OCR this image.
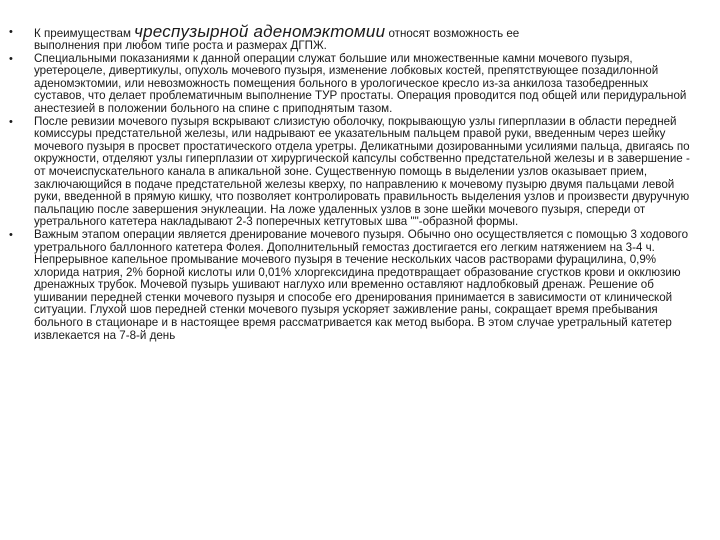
• К преимуществам чреспузырной аденомэктомии относят возможность ее
выполнения при любом типе роста и размерах ДГПЖ.
• Специальными показаниями к данной операции служат большие или множественные камни мочевого пузыря, уретероцеле, дивертикулы, опухоль мочевого пузыря, изменение лобковых костей, препятствующее позадилонной аденомэктомии, или невозможность помещения больного в урологическое кресло из-за анкилоза тазобедренных суставов, что делает проблематичным выполнение ТУР простаты. Операция проводится под общей или перидуральной анестезией в положении больного на спине с приподнятым тазом.
• После ревизии мочевого пузыря вскрывают слизистую оболочку, покрывающую узлы гиперплазии в области передней комиссуры предстательной железы, или надрывают ее указательным пальцем правой руки, введенным через шейку мочевого пузыря в просвет простатического отдела уретры. Деликатными дозированными усилиями пальца, двигаясь по окружности, отделяют узлы гиперплазии от хирургической капсулы собственно предстательной железы и в завершение - от мочеиспускательного канала в апикальной зоне. Существенную помощь в выделении узлов оказывает прием, заключающийся в подаче предстательной железы кверху, по направлению к мочевому пузырю двумя пальцами левой руки, введенной в прямую кишку, что позволяет контролировать правильность выделения узлов и произвести двуручную пальпацию после завершения энуклеации. На ложе удаленных узлов в зоне шейки мочевого пузыря, спереди от уретрального катетера накладывают 2-3 поперечных кетгутовых шва ""-образной формы.
• Важным этапом операции является дренирование мочевого пузыря. Обычно оно осуществляется с помощью 3 ходового уретрального баллонного катетера Фолея. Дополнительный гемостаз достигается его легким натяжением на 3-4 ч. Непрерывное капельное промывание мочевого пузыря в течение нескольких часов растворами фурацилина, 0,9% хлорида натрия, 2% борной кислоты или 0,01% хлоргексидина предотвращает образование сгустков крови и окклюзию дренажных трубок. Мочевой пузырь ушивают наглухо или временно оставляют надлобковый дренаж. Решение об ушивании передней стенки мочевого пузыря и способе его дренирования принимается в зависимости от клинической ситуации. Глухой шов передней стенки мочевого пузыря ускоряет заживление раны, сокращает время пребывания больного в стационаре и в настоящее время рассматривается как метод выбора. В этом случае уретральный катетер извлекается на 7-8-й день
